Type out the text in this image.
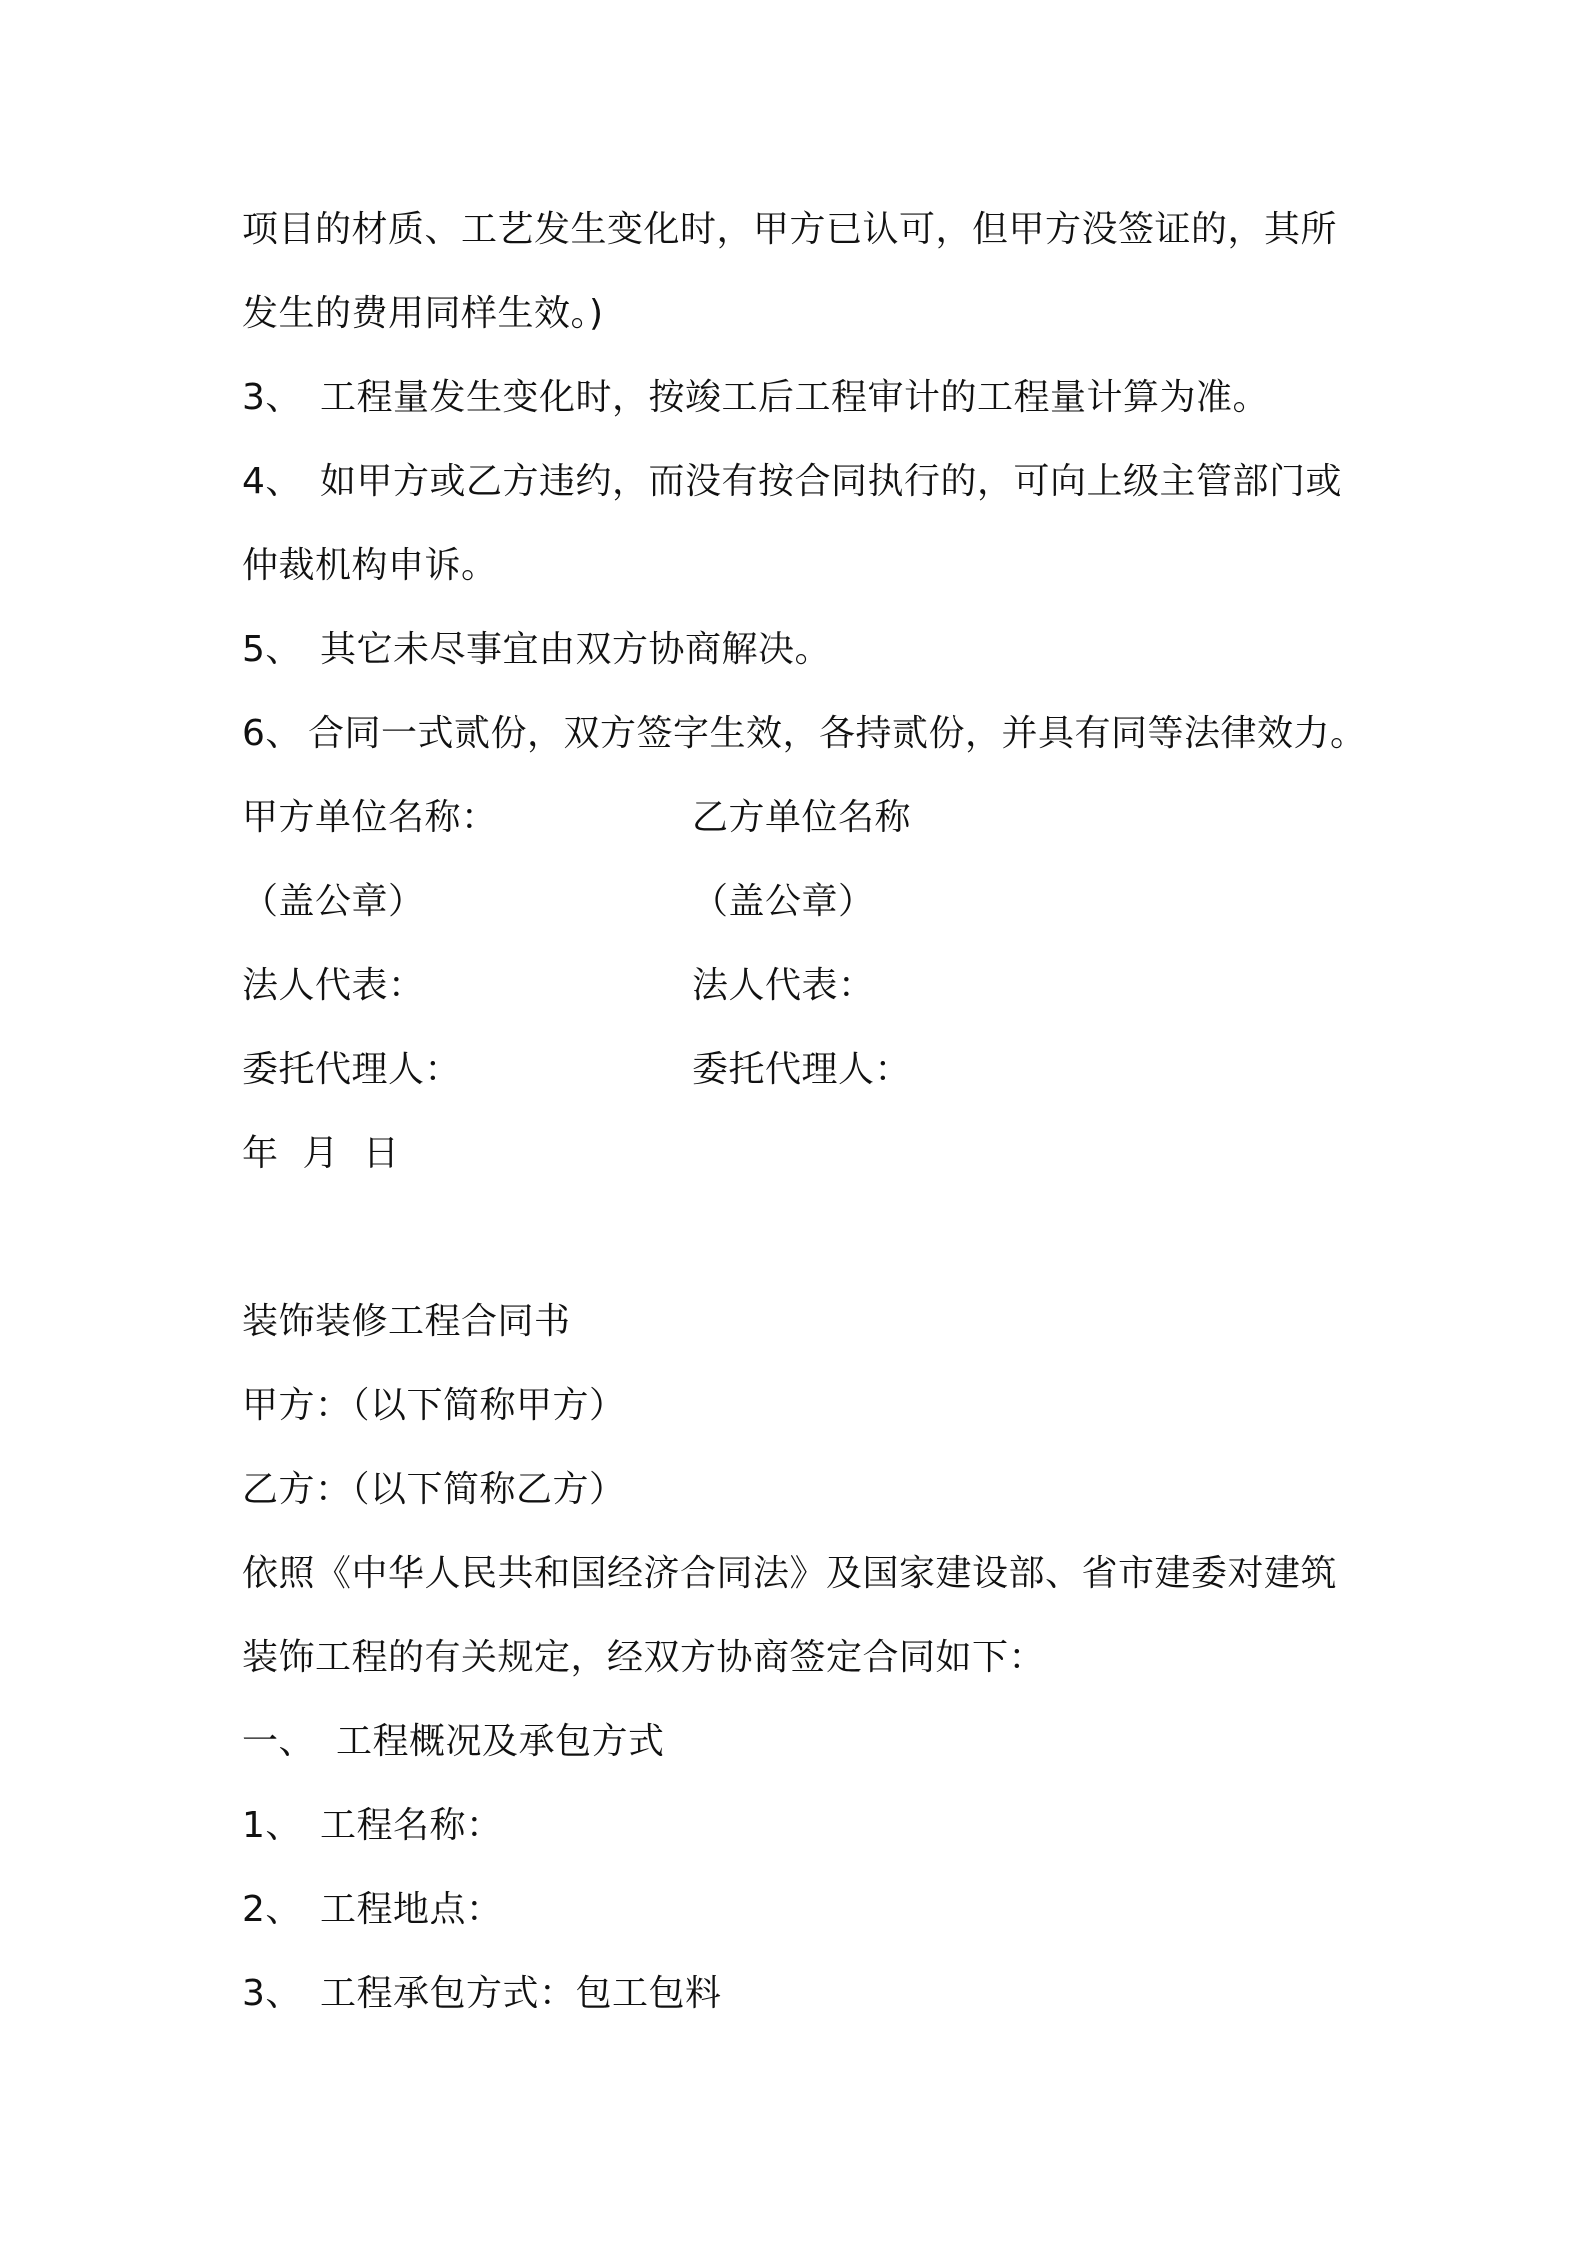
项目的材质、工艺发生变化时，甲方已认可，但甲方没签证的，其所
发生的费用同样生效。)
3、 工程量发生变化时，按竣工后工程审计的工程量计算为准。
4、 如甲方或乙方违约，而没有按合同执行的，可向上级主管部门或
仲裁机构申诉。
5、 其它未尽事宜由双方协商解决。
6、 合同一式贰份，双方签字生效，各持贰份，并具有同等法律效力。
甲方单位名称：	乙方单位名称
（盖公章）	（盖公章）
法人代表：	法人代表：
委托代理人：	委托代理人：
年 月 日
装饰装修工程合同书
甲方：（以下简称甲方）
乙方：（以下简称乙方）
依照《中华人民共和国经济合同法》及国家建设部、省市建委对建筑
装饰工程的有关规定，经双方协商签定合同如下：
一、 工程概况及承包方式
1、 工程名称：
2、 工程地点：
3、 工程承包方式：包工包料
